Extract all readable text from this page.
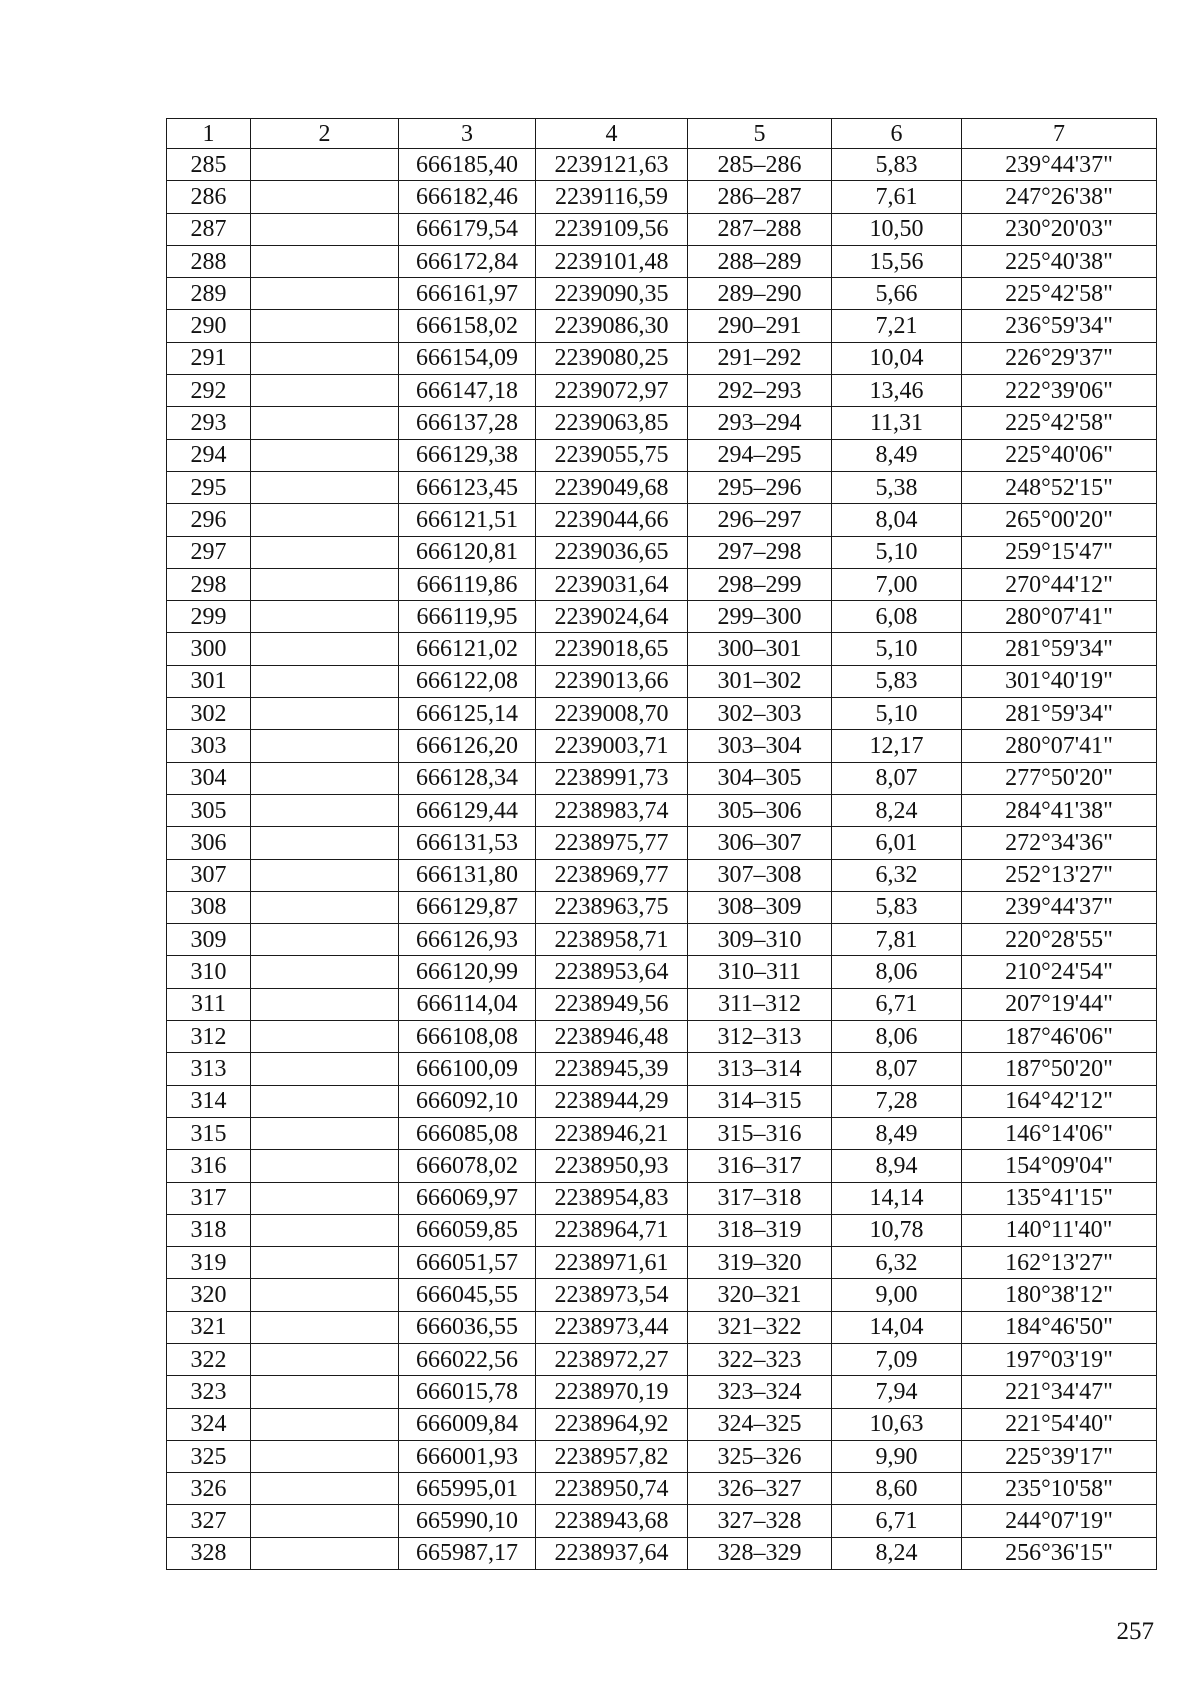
1	2	3	4	5	6	7
285		666185,40	2239121,63	285–286	5,83	239°44'37"
286		666182,46	2239116,59	286–287	7,61	247°26'38"
287		666179,54	2239109,56	287–288	10,50	230°20'03"
288		666172,84	2239101,48	288–289	15,56	225°40'38"
289		666161,97	2239090,35	289–290	5,66	225°42'58"
290		666158,02	2239086,30	290–291	7,21	236°59'34"
291		666154,09	2239080,25	291–292	10,04	226°29'37"
292		666147,18	2239072,97	292–293	13,46	222°39'06"
293		666137,28	2239063,85	293–294	11,31	225°42'58"
294		666129,38	2239055,75	294–295	8,49	225°40'06"
295		666123,45	2239049,68	295–296	5,38	248°52'15"
296		666121,51	2239044,66	296–297	8,04	265°00'20"
297		666120,81	2239036,65	297–298	5,10	259°15'47"
298		666119,86	2239031,64	298–299	7,00	270°44'12"
299		666119,95	2239024,64	299–300	6,08	280°07'41"
300		666121,02	2239018,65	300–301	5,10	281°59'34"
301		666122,08	2239013,66	301–302	5,83	301°40'19"
302		666125,14	2239008,70	302–303	5,10	281°59'34"
303		666126,20	2239003,71	303–304	12,17	280°07'41"
304		666128,34	2238991,73	304–305	8,07	277°50'20"
305		666129,44	2238983,74	305–306	8,24	284°41'38"
306		666131,53	2238975,77	306–307	6,01	272°34'36"
307		666131,80	2238969,77	307–308	6,32	252°13'27"
308		666129,87	2238963,75	308–309	5,83	239°44'37"
309		666126,93	2238958,71	309–310	7,81	220°28'55"
310		666120,99	2238953,64	310–311	8,06	210°24'54"
311		666114,04	2238949,56	311–312	6,71	207°19'44"
312		666108,08	2238946,48	312–313	8,06	187°46'06"
313		666100,09	2238945,39	313–314	8,07	187°50'20"
314		666092,10	2238944,29	314–315	7,28	164°42'12"
315		666085,08	2238946,21	315–316	8,49	146°14'06"
316		666078,02	2238950,93	316–317	8,94	154°09'04"
317		666069,97	2238954,83	317–318	14,14	135°41'15"
318		666059,85	2238964,71	318–319	10,78	140°11'40"
319		666051,57	2238971,61	319–320	6,32	162°13'27"
320		666045,55	2238973,54	320–321	9,00	180°38'12"
321		666036,55	2238973,44	321–322	14,04	184°46'50"
322		666022,56	2238972,27	322–323	7,09	197°03'19"
323		666015,78	2238970,19	323–324	7,94	221°34'47"
324		666009,84	2238964,92	324–325	10,63	221°54'40"
325		666001,93	2238957,82	325–326	9,90	225°39'17"
326		665995,01	2238950,74	326–327	8,60	235°10'58"
327		665990,10	2238943,68	327–328	6,71	244°07'19"
328		665987,17	2238937,64	328–329	8,24	256°36'15"
257
